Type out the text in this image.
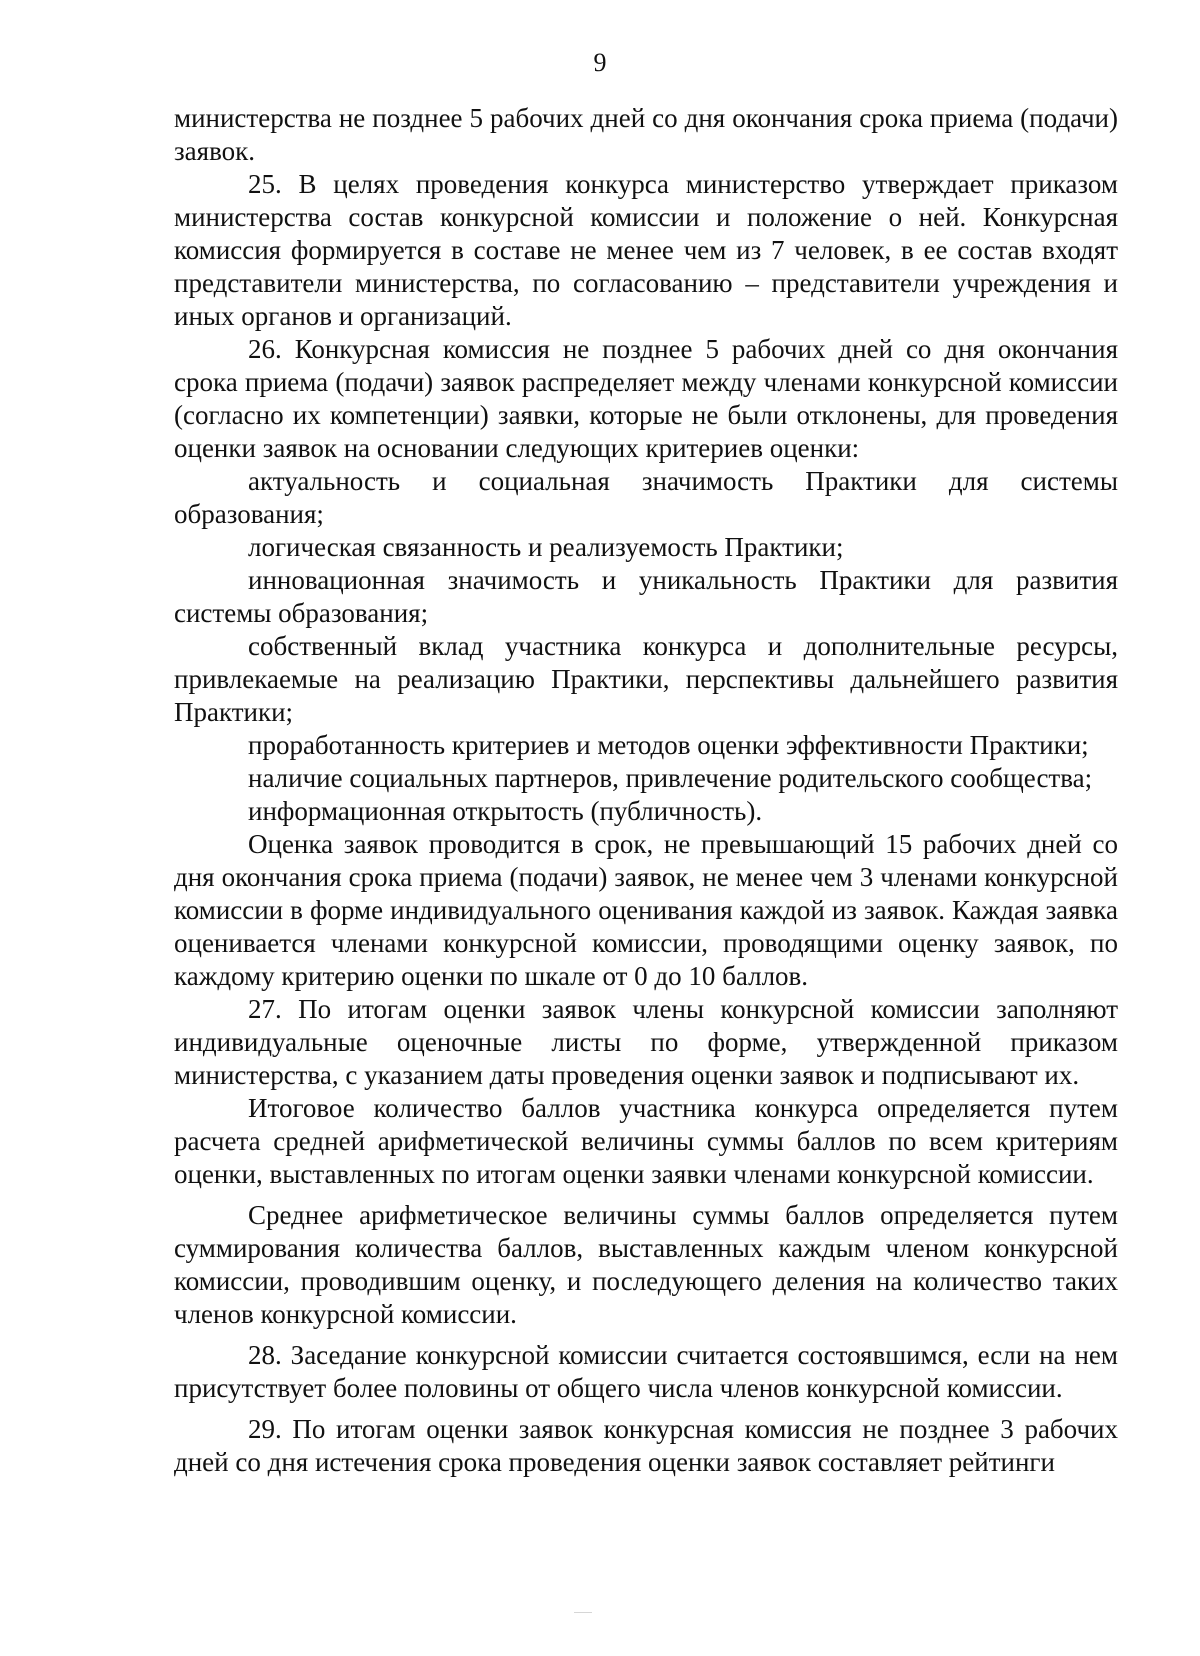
9

министерства не позднее 5 рабочих дней со дня окончания срока приема (подачи) заявок.

25. В целях проведения конкурса министерство утверждает приказом министерства состав конкурсной комиссии и положение о ней. Конкурсная комиссия формируется в составе не менее чем из 7 человек, в ее состав входят представители министерства, по согласованию – представители учреждения и иных органов и организаций.

26. Конкурсная комиссия не позднее 5 рабочих дней со дня окончания срока приема (подачи) заявок распределяет между членами конкурсной комиссии (согласно их компетенции) заявки, которые не были отклонены, для проведения оценки заявок на основании следующих критериев оценки:

актуальность и социальная значимость Практики для системы образования;

логическая связанность и реализуемость Практики;

инновационная значимость и уникальность Практики для развития системы образования;

собственный вклад участника конкурса и дополнительные ресурсы, привлекаемые на реализацию Практики, перспективы дальнейшего развития Практики;

проработанность критериев и методов оценки эффективности Практики;

наличие социальных партнеров, привлечение родительского сообщества;

информационная открытость (публичность).

Оценка заявок проводится в срок, не превышающий 15 рабочих дней со дня окончания срока приема (подачи) заявок, не менее чем 3 членами конкурсной комиссии в форме индивидуального оценивания каждой из заявок. Каждая заявка оценивается членами конкурсной комиссии, проводящими оценку заявок, по каждому критерию оценки по шкале от 0 до 10 баллов.

27. По итогам оценки заявок члены конкурсной комиссии заполняют индивидуальные оценочные листы по форме, утвержденной приказом министерства, с указанием даты проведения оценки заявок и подписывают их.

Итоговое количество баллов участника конкурса определяется путем расчета средней арифметической величины суммы баллов по всем критериям оценки, выставленных по итогам оценки заявки членами конкурсной комиссии.

Среднее арифметическое величины суммы баллов определяется путем суммирования количества баллов, выставленных каждым членом конкурсной комиссии, проводившим оценку, и последующего деления на количество таких членов конкурсной комиссии.

28. Заседание конкурсной комиссии считается состоявшимся, если на нем присутствует более половины от общего числа членов конкурсной комиссии.

29. По итогам оценки заявок конкурсная комиссия не позднее 3 рабочих дней со дня истечения срока проведения оценки заявок составляет рейтинги
